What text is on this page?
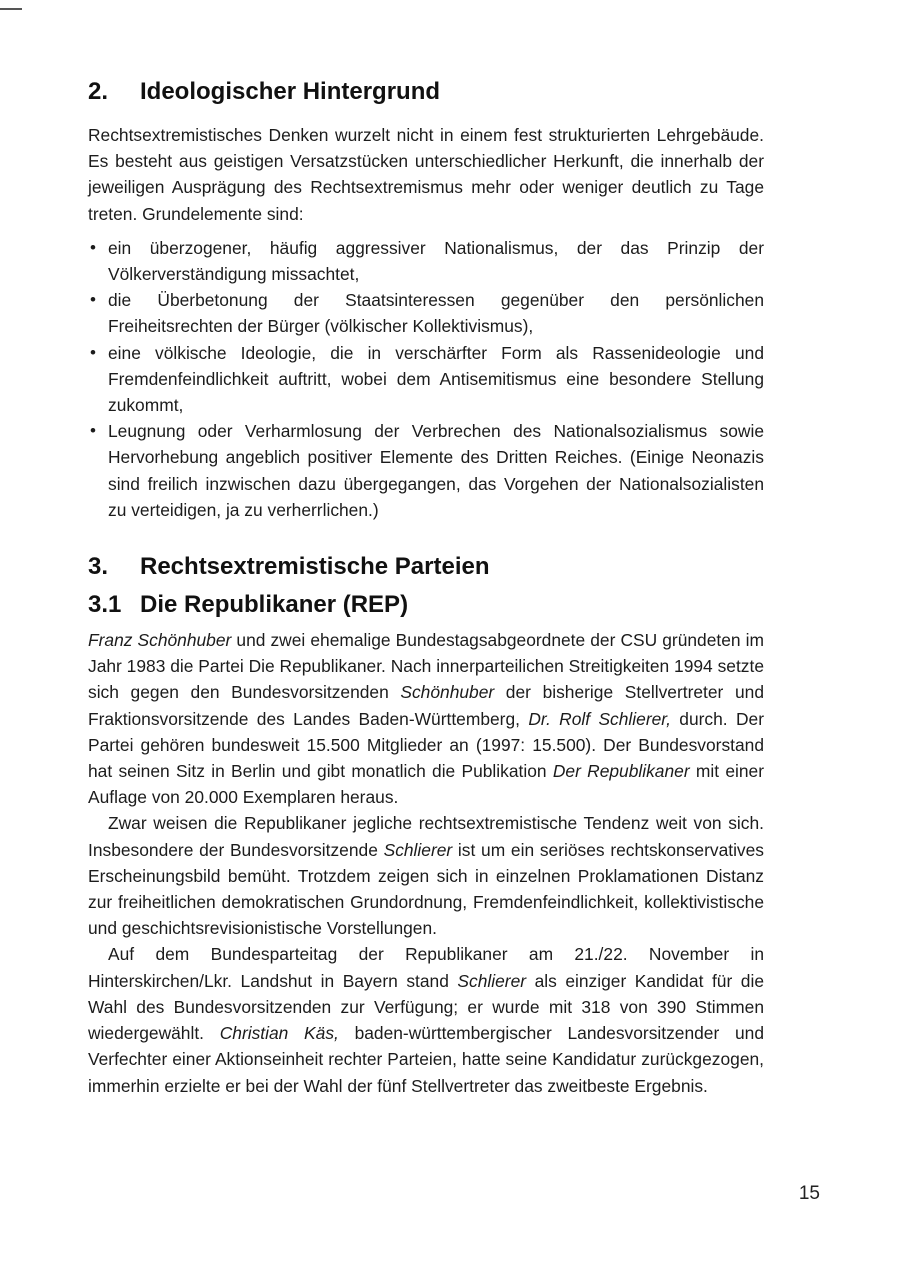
2. Ideologischer Hintergrund

Rechtsextremistisches Denken wurzelt nicht in einem fest strukturierten Lehrgebäude. Es besteht aus geistigen Versatzstücken unterschiedlicher Herkunft, die innerhalb der jeweiligen Ausprägung des Rechtsextremismus mehr oder weniger deutlich zu Tage treten. Grundelemente sind:

• ein überzogener, häufig aggressiver Nationalismus, der das Prinzip der Völkerverständigung missachtet,
• die Überbetonung der Staatsinteressen gegenüber den persönlichen Freiheitsrechten der Bürger (völkischer Kollektivismus),
• eine völkische Ideologie, die in verschärfter Form als Rassenideologie und Fremdenfeindlichkeit auftritt, wobei dem Antisemitismus eine besondere Stellung zukommt,
• Leugnung oder Verharmlosung der Verbrechen des Nationalsozialismus sowie Hervorhebung angeblich positiver Elemente des Dritten Reiches. (Einige Neonazis sind freilich inzwischen dazu übergegangen, das Vorgehen der Nationalsozialisten zu verteidigen, ja zu verherrlichen.)
3. Rechtsextremistische Parteien
3.1 Die Republikaner (REP)

Franz Schönhuber und zwei ehemalige Bundestagsabgeordnete der CSU gründeten im Jahr 1983 die Partei Die Republikaner. Nach innerparteilichen Streitigkeiten 1994 setzte sich gegen den Bundesvorsitzenden Schönhuber der bisherige Stellvertreter und Fraktionsvorsitzende des Landes Baden-Württemberg, Dr. Rolf Schlierer, durch. Der Partei gehören bundesweit 15.500 Mitglieder an (1997: 15.500). Der Bundesvorstand hat seinen Sitz in Berlin und gibt monatlich die Publikation Der Republikaner mit einer Auflage von 20.000 Exemplaren heraus.

Zwar weisen die Republikaner jegliche rechtsextremistische Tendenz weit von sich. Insbesondere der Bundesvorsitzende Schlierer ist um ein seriöses rechtskonservatives Erscheinungsbild bemüht. Trotzdem zeigen sich in einzelnen Proklamationen Distanz zur freiheitlichen demokratischen Grundordnung, Fremdenfeindlichkeit, kollektivistische und geschichtsrevisionistische Vorstellungen.

Auf dem Bundesparteitag der Republikaner am 21./22. November in Hinterskirchen/Lkr. Landshut in Bayern stand Schlierer als einziger Kandidat für die Wahl des Bundesvorsitzenden zur Verfügung; er wurde mit 318 von 390 Stimmen wiedergewählt. Christian Käs, baden-württembergischer Landesvorsitzender und Verfechter einer Aktionseinheit rechter Parteien, hatte seine Kandidatur zurückgezogen, immerhin erzielte er bei der Wahl der fünf Stellvertreter das zweitbeste Ergebnis.

15
